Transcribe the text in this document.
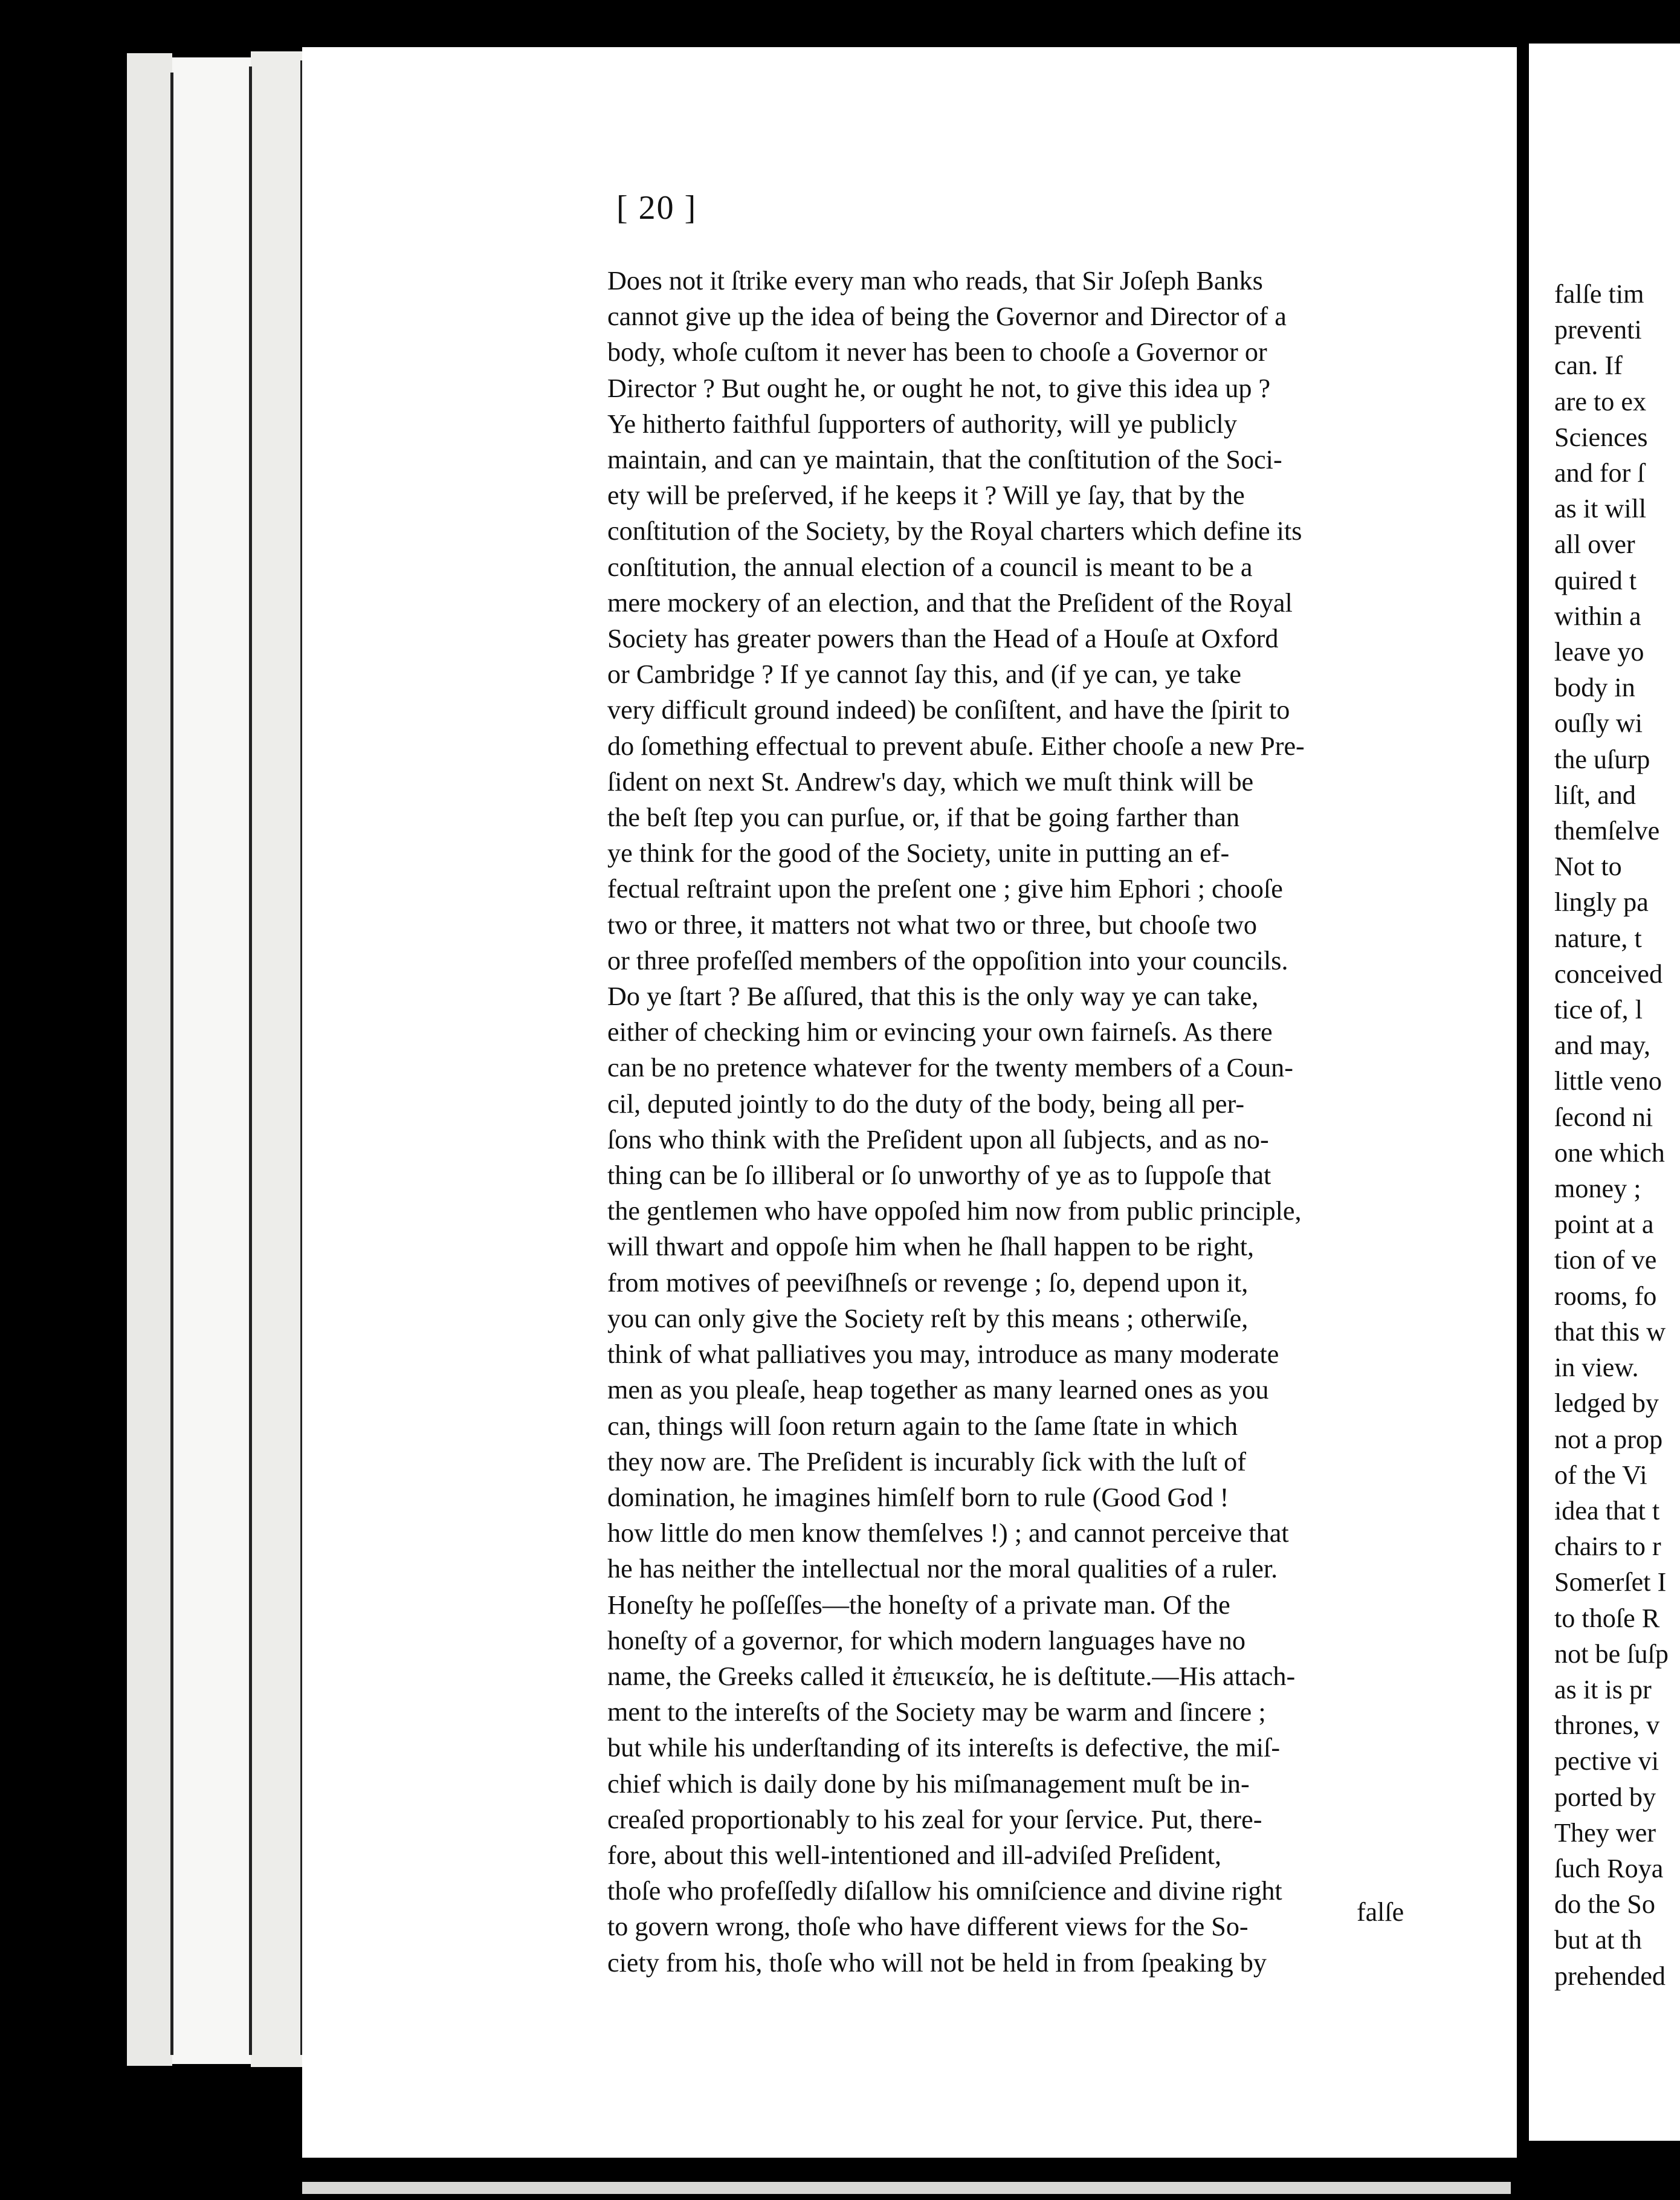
[ 20 ]
Does not it ſtrike every man who reads, that Sir Joſeph Banks
cannot give up the idea of being the Governor and Director of a
body, whoſe cuſtom it never has been to chooſe a Governor or
Director ? But ought he, or ought he not, to give this idea up ?
Ye hitherto faithful ſupporters of authority, will ye publicly
maintain, and can ye maintain, that the conſtitution of the Soci-
ety will be preſerved, if he keeps it ? Will ye ſay, that by the
conſtitution of the Society, by the Royal charters which define its
conſtitution, the annual election of a council is meant to be a
mere mockery of an election, and that the Preſident of the Royal
Society has greater powers than the Head of a Houſe at Oxford
or Cambridge ? If ye cannot ſay this, and (if ye can, ye take
very difficult ground indeed) be conſiſtent, and have the ſpirit to
do ſomething effectual to prevent abuſe. Either chooſe a new Pre-
ſident on next St. Andrew's day, which we muſt think will be
the beſt ſtep you can purſue, or, if that be going farther than
ye think for the good of the Society, unite in putting an ef-
fectual reſtraint upon the preſent one ; give him Ephori ; chooſe
two or three, it matters not what two or three, but chooſe two
or three profeſſed members of the oppoſition into your councils.
Do ye ſtart ? Be aſſured, that this is the only way ye can take,
either of checking him or evincing your own fairneſs. As there
can be no pretence whatever for the twenty members of a Coun-
cil, deputed jointly to do the duty of the body, being all per-
ſons who think with the Preſident upon all ſubjects, and as no-
thing can be ſo illiberal or ſo unworthy of ye as to ſuppoſe that
the gentlemen who have oppoſed him now from public principle,
will thwart and oppoſe him when he ſhall happen to be right,
from motives of peeviſhneſs or revenge ; ſo, depend upon it,
you can only give the Society reſt by this means ; otherwiſe,
think of what palliatives you may, introduce as many moderate
men as you pleaſe, heap together as many learned ones as you
can, things will ſoon return again to the ſame ſtate in which
they now are. The Preſident is incurably ſick with the luſt of
domination, he imagines himſelf born to rule (Good God !
how little do men know themſelves !) ; and cannot perceive that
he has neither the intellectual nor the moral qualities of a ruler.
Honeſty he poſſeſſes—the honeſty of a private man. Of the
honeſty of a governor, for which modern languages have no
name, the Greeks called it ἐπιεικεία, he is deſtitute.—His attach-
ment to the intereſts of the Society may be warm and ſincere ;
but while his underſtanding of its intereſts is defective, the miſ-
chief which is daily done by his miſmanagement muſt be in-
creaſed proportionably to his zeal for your ſervice. Put, there-
fore, about this well-intentioned and ill-adviſed Preſident,
thoſe who profeſſedly diſallow his omniſcience and divine right
to govern wrong, thoſe who have different views for the So-
ciety from his, thoſe who will not be held in from ſpeaking by
falſe
falſe tim
preventi
can. If
are to ex
Sciences
and for ſ
as it will
all over
quired t
within a
leave yo
body in
ouſly wi
the uſurp
liſt, and
themſelve
Not to
lingly pa
nature, t
conceived
tice of, l
and may,
little veno
ſecond ni
one which
money ;
point at a
tion of ve
rooms, fo
that this w
in view.
ledged by
not a prop
of the Vi
idea that t
chairs to r
Somerſet I
to thoſe R
not be ſuſp
as it is pr
thrones, v
pective vi
ported by
They wer
ſuch Roya
do the So
but at th
prehended
